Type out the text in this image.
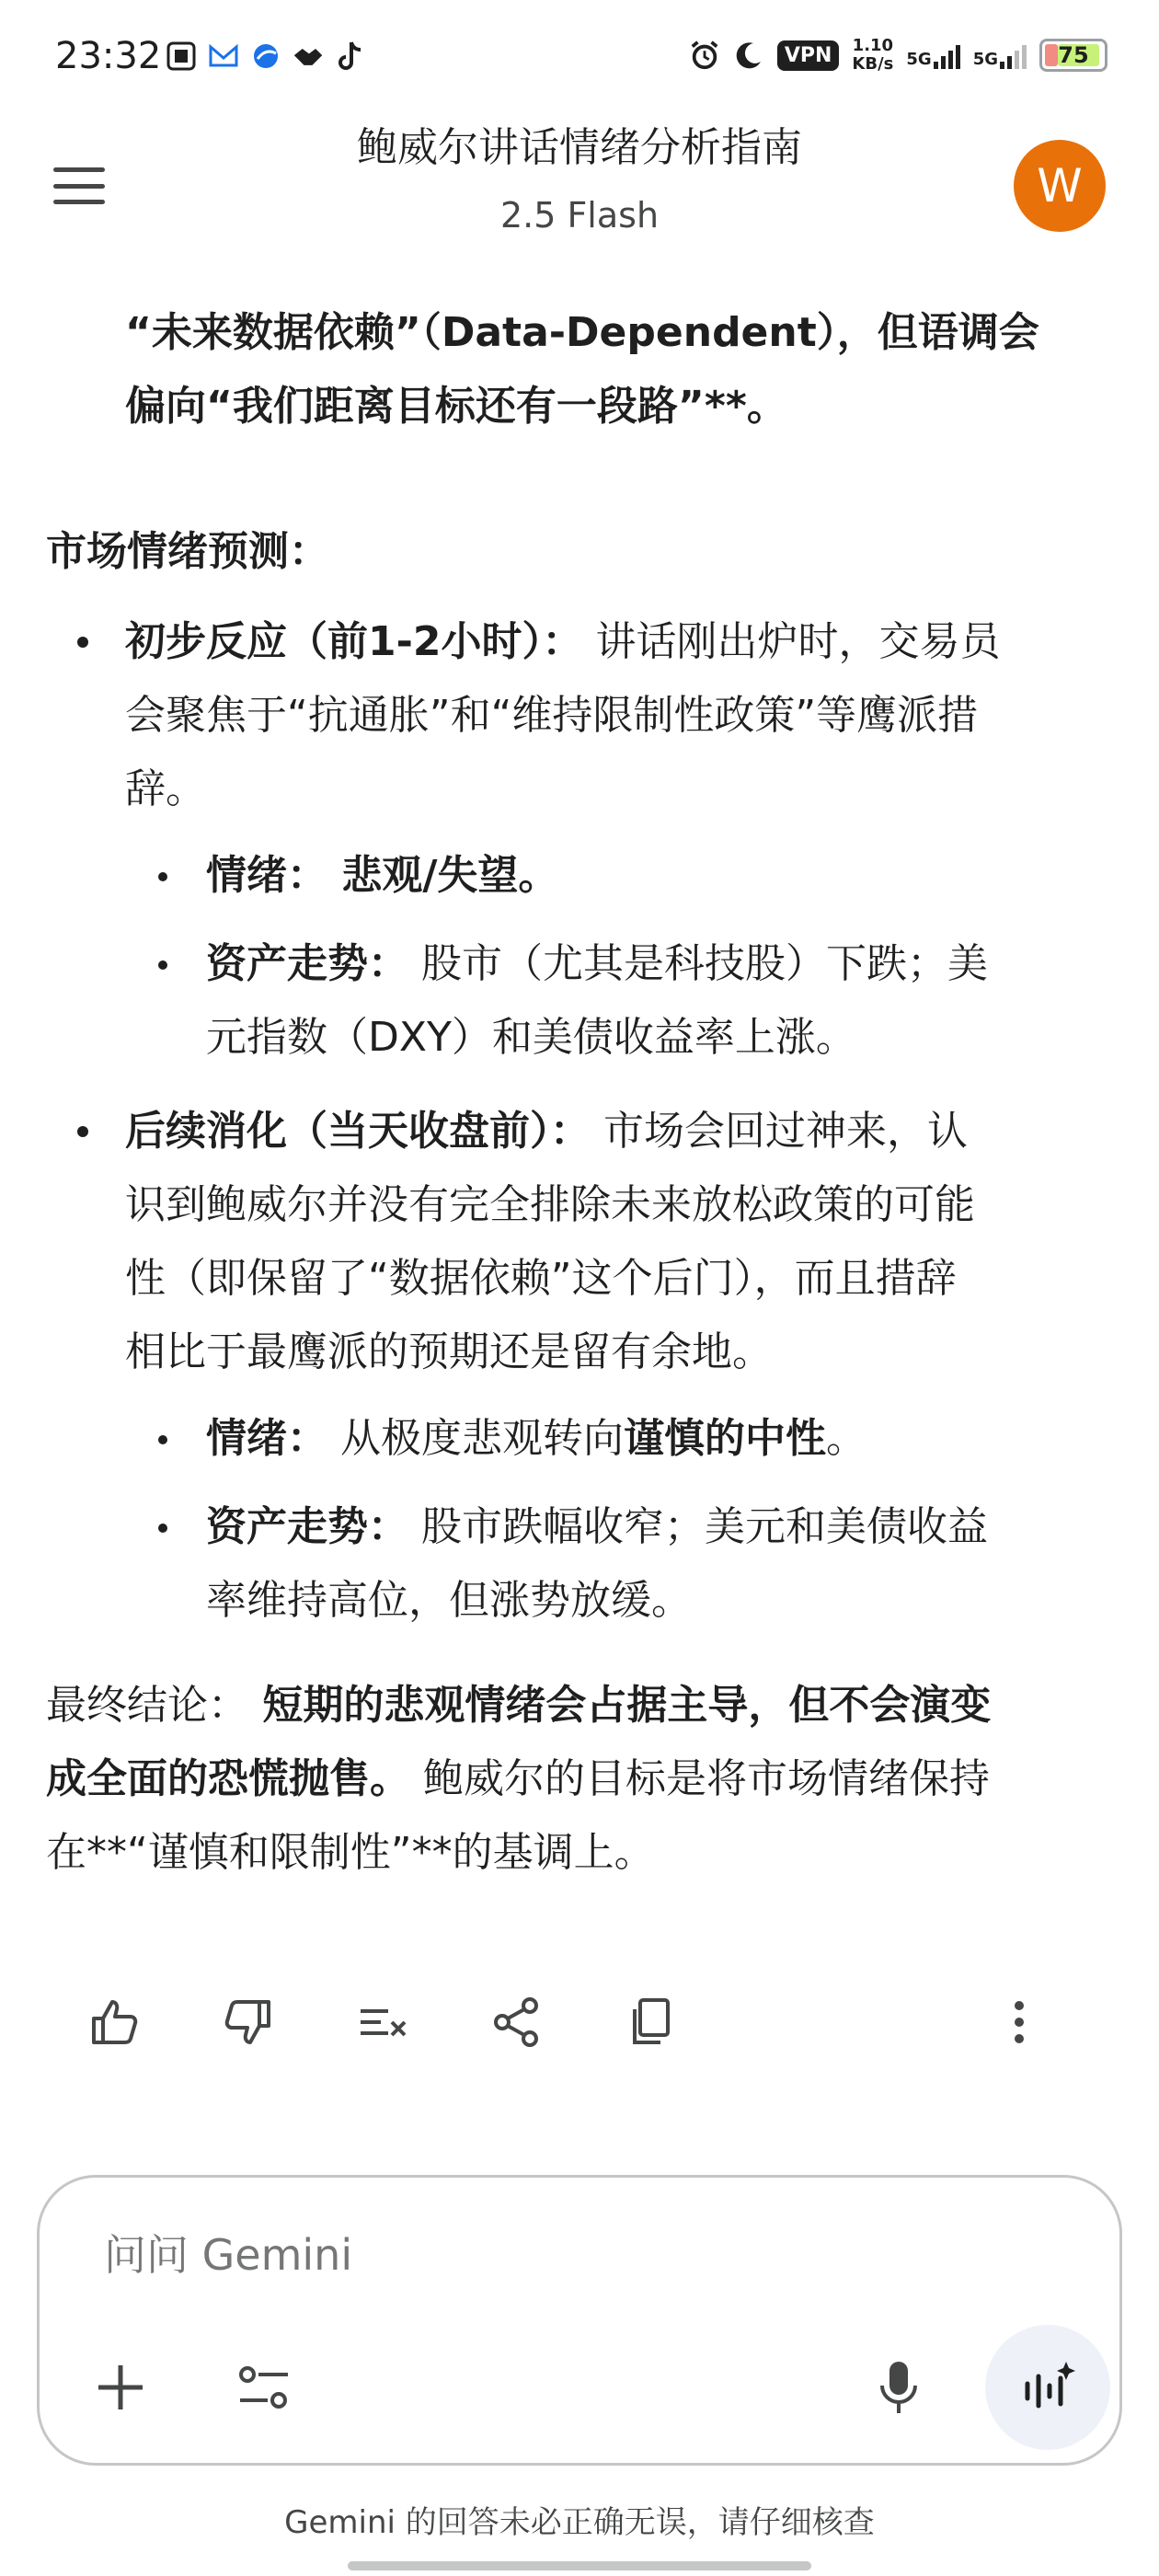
23:32	VPN	1.10
KB/s 5G	5G	75
鲍威尔讲话情绪分析指南
2.5 Flash
W
“未来数据依赖”（Data-Dependent），但语调会
偏向“我们距离目标还有一段路”**。
市场情绪预测：
初步反应（前1-2小时）： 讲话刚出炉时，交易员
会聚焦于“抗通胀”和“维持限制性政策”等鹰派措
辞。
情绪： 悲观/失望。
资产走势： 股市（尤其是科技股）下跌；美
元指数（DXY）和美债收益率上涨。
后续消化（当天收盘前）： 市场会回过神来，认
识到鲍威尔并没有完全排除未来放松政策的可能
性（即保留了“数据依赖”这个后门），而且措辞
相比于最鹰派的预期还是留有余地。
情绪： 从极度悲观转向谨慎的中性。
资产走势： 股市跌幅收窄；美元和美债收益
率维持高位，但涨势放缓。
最终结论： 短期的悲观情绪会占据主导，但不会演变
成全面的恐慌抛售。 鲍威尔的目标是将市场情绪保持
在**“谨慎和限制性”**的基调上。
问问 Gemini
Gemini 的回答未必正确无误，请仔细核查
